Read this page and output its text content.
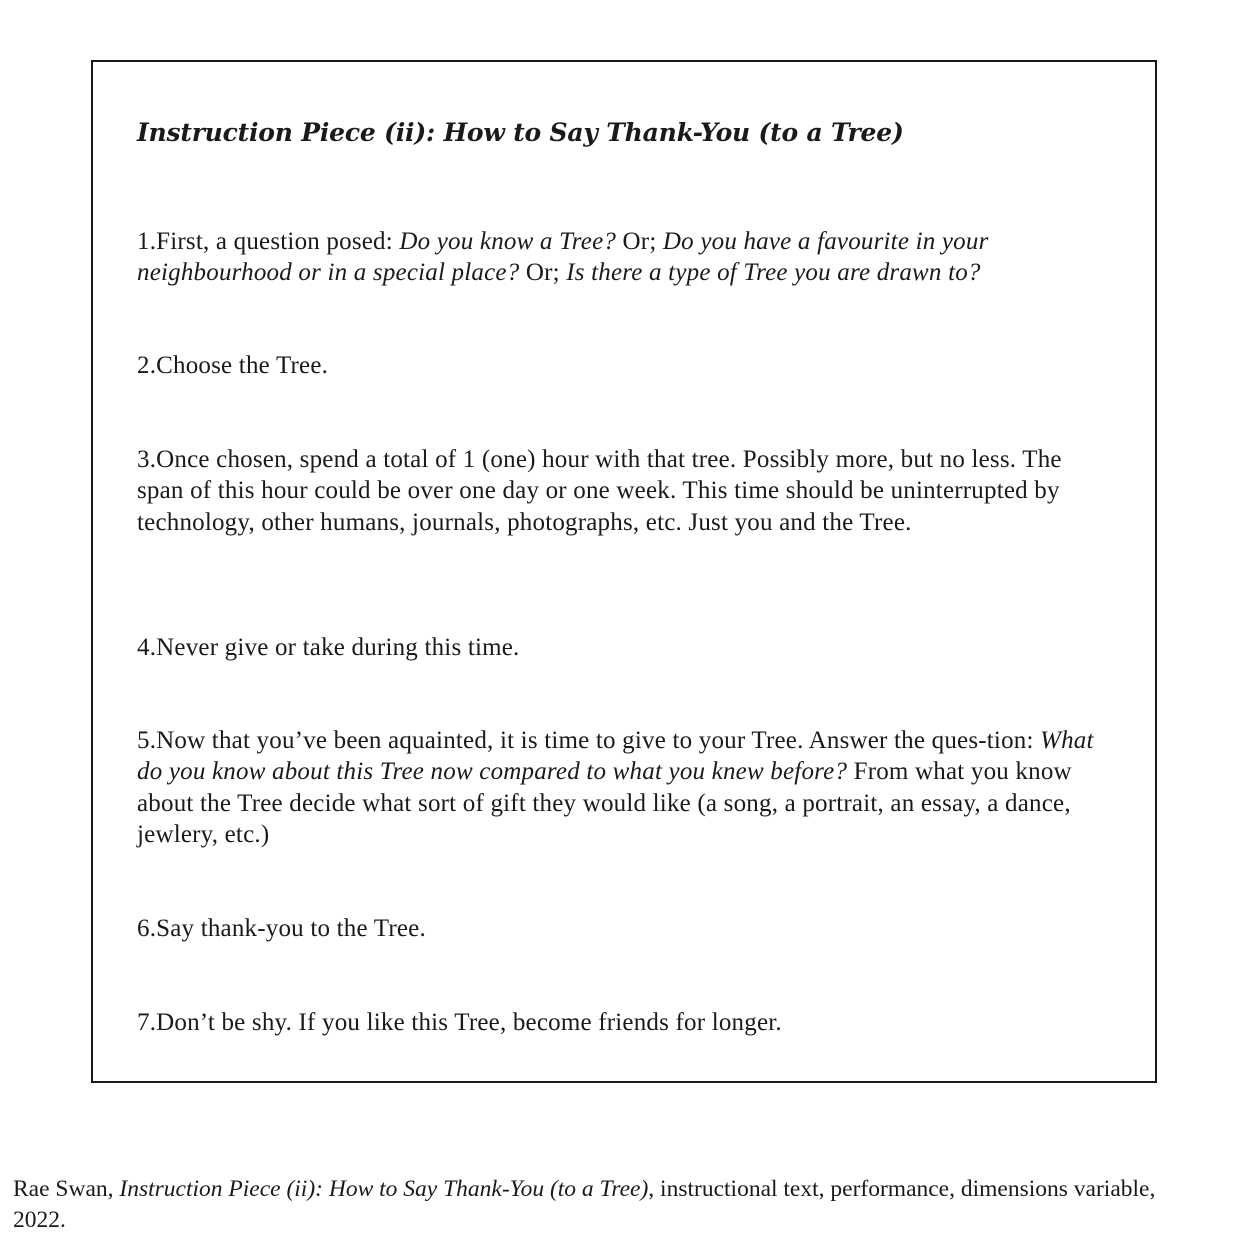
Instruction Piece (ii): How to Say Thank-You (to a Tree)

1.First, a question posed: Do you know a Tree? Or; Do you have a favourite in your neighbourhood or in a special place? Or; Is there a type of Tree you are drawn to?

2.Choose the Tree.

3.Once chosen, spend a total of 1 (one) hour with that tree. Possibly more, but no less. The span of this hour could be over one day or one week. This time should be uninterrupted by technology, other humans, journals, photographs, etc. Just you and the Tree.

4.Never give or take during this time.

5.Now that you’ve been aquainted, it is time to give to your Tree. Answer the ques-tion: What do you know about this Tree now compared to what you knew before? From what you know about the Tree decide what sort of gift they would like (a song, a portrait, an essay, a dance, jewlery, etc.)

6.Say thank-you to the Tree.

7.Don’t be shy. If you like this Tree, become friends for longer.

Rae Swan, Instruction Piece (ii): How to Say Thank-You (to a Tree), instructional text, performance, dimensions variable, 2022.
